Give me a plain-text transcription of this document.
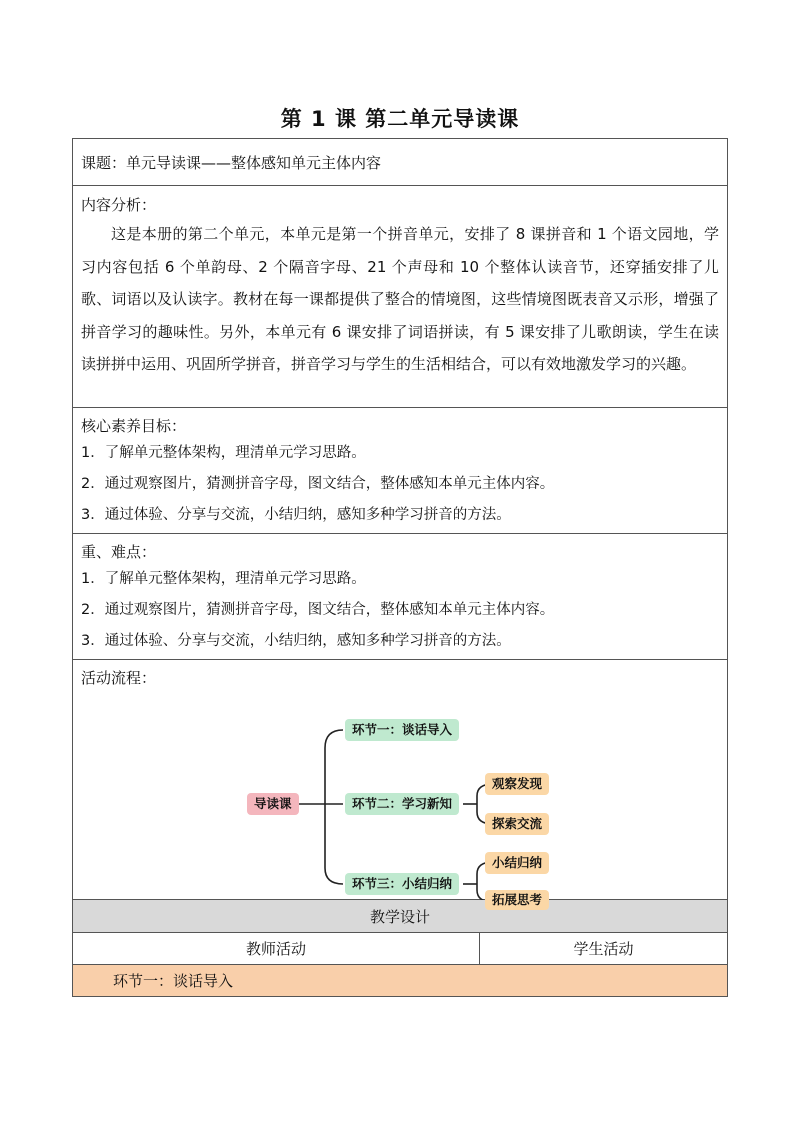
第 1 课 第二单元导读课
课题：单元导读课——整体感知单元主体内容
内容分析：
这是本册的第二个单元，本单元是第一个拼音单元，安排了 8 课拼音和 1 个语文园地，学习内容包括 6 个单韵母、2 个隔音字母、21 个声母和 10 个整体认读音节，还穿插安排了儿歌、词语以及认读字。教材在每一课都提供了整合的情境图，这些情境图既表音又示形，增强了拼音学习的趣味性。另外，本单元有 6 课安排了词语拼读，有 5 课安排了儿歌朗读，学生在读读拼拼中运用、巩固所学拼音，拼音学习与学生的生活相结合，可以有效地激发学习的兴趣。
核心素养目标：
1．了解单元整体架构，理清单元学习思路。
2．通过观察图片，猜测拼音字母，图文结合，整体感知本单元主体内容。
3．通过体验、分享与交流，小结归纳，感知多种学习拼音的方法。
重、难点：
1．了解单元整体架构，理清单元学习思路。
2．通过观察图片，猜测拼音字母，图文结合，整体感知本单元主体内容。
3．通过体验、分享与交流，小结归纳，感知多种学习拼音的方法。
活动流程：
导读课
环节一：谈话导入
环节二：学习新知
环节三：小结归纳
观察发现
探索交流
小结归纳
拓展思考
教学设计
教师活动	学生活动
环节一：谈话导入
